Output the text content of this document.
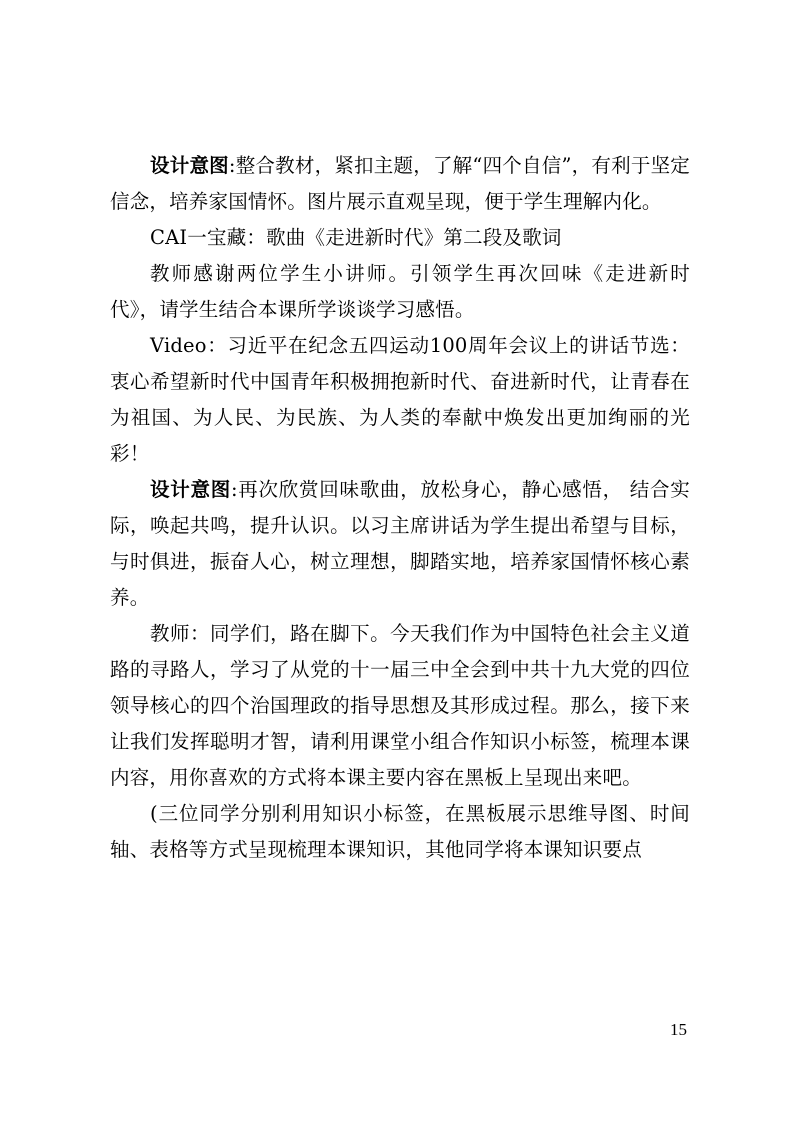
设计意图:整合教材，紧扣主题，了解“四个自信”，有利于坚定信念，培养家国情怀。图片展示直观呈现，便于学生理解内化。

CAI一宝藏：歌曲《走进新时代》第二段及歌词

教师感谢两位学生小讲师。引领学生再次回味《走进新时代》，请学生结合本课所学谈谈学习感悟。

Video：习近平在纪念五四运动100周年会议上的讲话节选：衷心希望新时代中国青年积极拥抱新时代、奋进新时代，让青春在为祖国、为人民、为民族、为人类的奉献中焕发出更加绚丽的光彩！

设计意图:再次欣赏回味歌曲，放松身心，静心感悟， 结合实际，唤起共鸣，提升认识。以习主席讲话为学生提出希望与目标，与时俱进，振奋人心，树立理想，脚踏实地，培养家国情怀核心素养。

教师：同学们，路在脚下。今天我们作为中国特色社会主义道路的寻路人，学习了从党的十一届三中全会到中共十九大党的四位领导核心的四个治国理政的指导思想及其形成过程。那么，接下来让我们发挥聪明才智，请利用课堂小组合作知识小标签，梳理本课内容，用你喜欢的方式将本课主要内容在黑板上呈现出来吧。

(三位同学分别利用知识小标签，在黑板展示思维导图、时间轴、表格等方式呈现梳理本课知识，其他同学将本课知识要点

15
